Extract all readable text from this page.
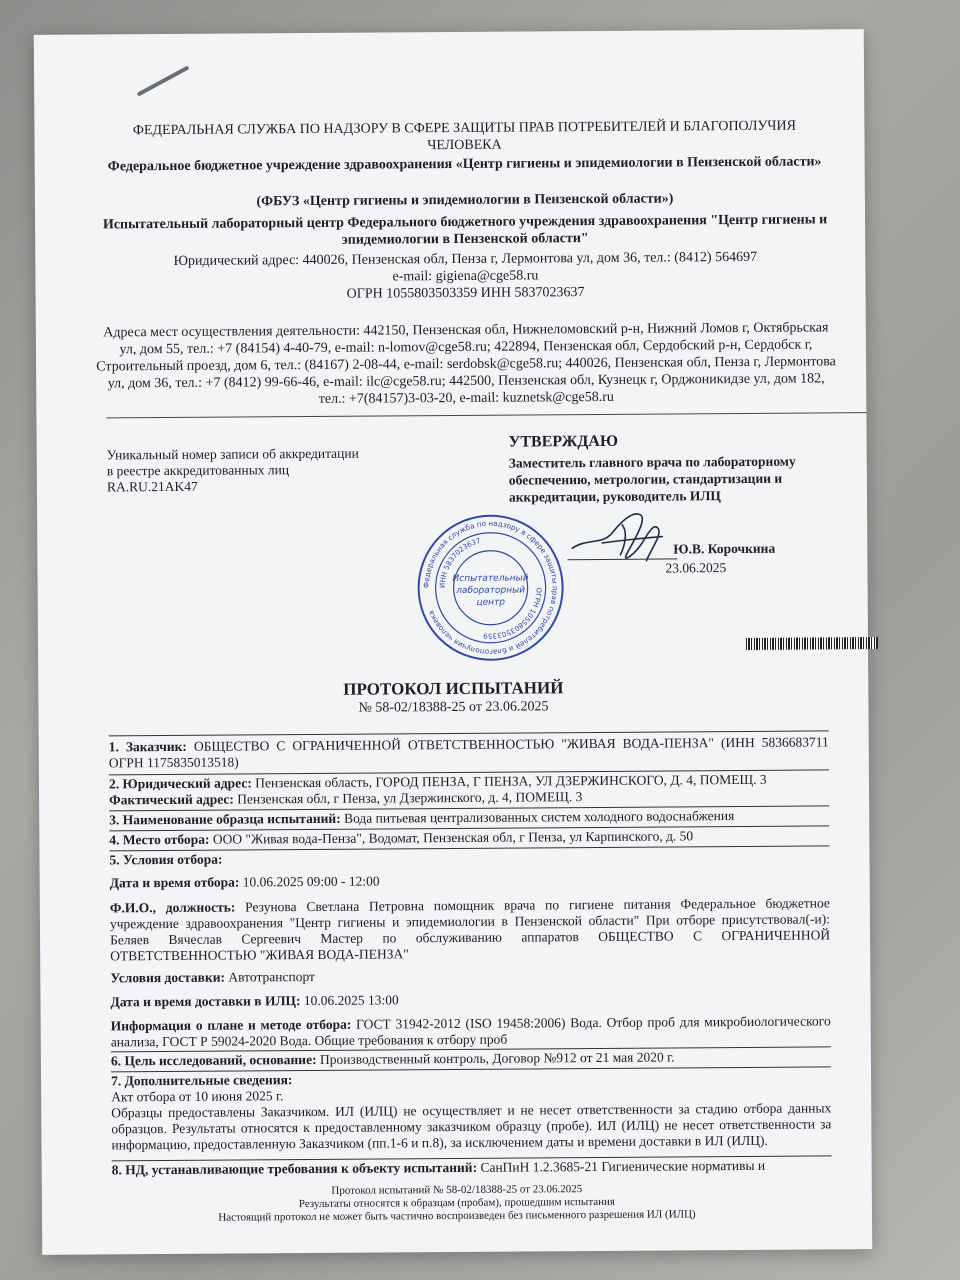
ФЕДЕРАЛЬНАЯ СЛУЖБА ПО НАДЗОРУ В СФЕРЕ ЗАЩИТЫ ПРАВ ПОТРЕБИТЕЛЕЙ И БЛАГОПОЛУЧИЯ ЧЕЛОВЕКА
Федеральное бюджетное учреждение здравоохранения «Центр гигиены и эпидемиологии в Пензенской области»
(ФБУЗ «Центр гигиены и эпидемиологии в Пензенской области»)
Испытательный лабораторный центр Федерального бюджетного учреждения здравоохранения "Центр гигиены и эпидемиологии в Пензенской области"
Юридический адрес: 440026, Пензенская обл, Пенза г, Лермонтова ул, дом 36, тел.: (8412) 564697
e-mail: gigiena@cge58.ru
ОГРН 1055803503359 ИНН 5837023637
Адреса мест осуществления деятельности: 442150, Пензенская обл, Нижнеломовский р-н, Нижний Ломов г, Октябрьская ул, дом 55, тел.: +7 (84154) 4-40-79, e-mail: n-lomov@cge58.ru; 422894, Пензенская обл, Сердобский р-н, Сердобск г, Строительный проезд, дом 6, тел.: (84167) 2-08-44, e-mail: serdobsk@cge58.ru; 440026, Пензенская обл, Пенза г, Лермонтова ул, дом 36, тел.: +7 (8412) 99-66-46, e-mail: ilc@cge58.ru; 442500, Пензенская обл, Кузнецк г, Орджоникидзе ул, дом 182, тел.: +7(84157)3-03-20, e-mail: kuznetsk@cge58.ru
Уникальный номер записи об аккредитации
в реестре аккредитованных лиц
RA.RU.21AK47
УТВЕРЖДАЮ
Заместитель главного врача по лабораторному обеспечению, метрологии, стандартизации и аккредитации, руководитель ИЛЦ
Федеральная служба по надзору в сфере защиты прав потребителей и благополучия человека
ИНН 5837023637
ОГРН 1055803503359
Испытательный
лабораторный
центр
Ю.В. Корочкина
23.06.2025
ПРОТОКОЛ ИСПЫТАНИЙ
№ 58-02/18388-25 от 23.06.2025
1. Заказчик: ОБЩЕСТВО С ОГРАНИЧЕННОЙ ОТВЕТСТВЕННОСТЬЮ "ЖИВАЯ ВОДА-ПЕНЗА" (ИНН 5836683711 ОГРН 1175835013518)
2. Юридический адрес: Пензенская область, ГОРОД ПЕНЗА, Г ПЕНЗА, УЛ ДЗЕРЖИНСКОГО, Д. 4, ПОМЕЩ. 3
Фактический адрес: Пензенская обл, г Пенза, ул Дзержинского, д. 4, ПОМЕЩ. 3
3. Наименование образца испытаний: Вода питьевая централизованных систем холодного водоснабжения
4. Место отбора: ООО "Живая вода-Пенза", Водомат, Пензенская обл, г Пенза, ул Карпинского, д. 50
5. Условия отбора:
Дата и время отбора: 10.06.2025 09:00 - 12:00
Ф.И.О., должность: Резунова Светлана Петровна помощник врача по гигиене питания Федеральное бюджетное учреждение здравоохранения "Центр гигиены и эпидемиологии в Пензенской области" При отборе присутствовал(-и): Беляев Вячеслав Сергеевич Мастер по обслуживанию аппаратов ОБЩЕСТВО С ОГРАНИЧЕННОЙ ОТВЕТСТВЕННОСТЬЮ "ЖИВАЯ ВОДА-ПЕНЗА"
Условия доставки: Автотранспорт
Дата и время доставки в ИЛЦ: 10.06.2025 13:00
Информация о плане и методе отбора: ГОСТ 31942-2012 (ISO 19458:2006) Вода. Отбор проб для микробиологического анализа, ГОСТ Р 59024-2020 Вода. Общие требования к отбору проб
6. Цель исследований, основание: Производственный контроль, Договор №912 от 21 мая 2020 г.
7. Дополнительные сведения:
Акт отбора от 10 июня 2025 г.
Образцы предоставлены Заказчиком. ИЛ (ИЛЦ) не осуществляет и не несет ответственности за стадию отбора данных образцов. Результаты относятся к предоставленному заказчиком образцу (пробе). ИЛ (ИЛЦ) не несет ответственности за информацию, предоставленную Заказчиком (пп.1-6 и п.8), за исключением даты и времени доставки в ИЛ (ИЛЦ).
8. НД, устанавливающие требования к объекту испытаний: СанПиН 1.2.3685-21 Гигиенические нормативы и
Протокол испытаний № 58-02/18388-25 от 23.06.2025
Результаты относятся к образцам (пробам), прошедшим испытания
Настоящий протокол не может быть частично воспроизведен без письменного разрешения ИЛ (ИЛЦ)
